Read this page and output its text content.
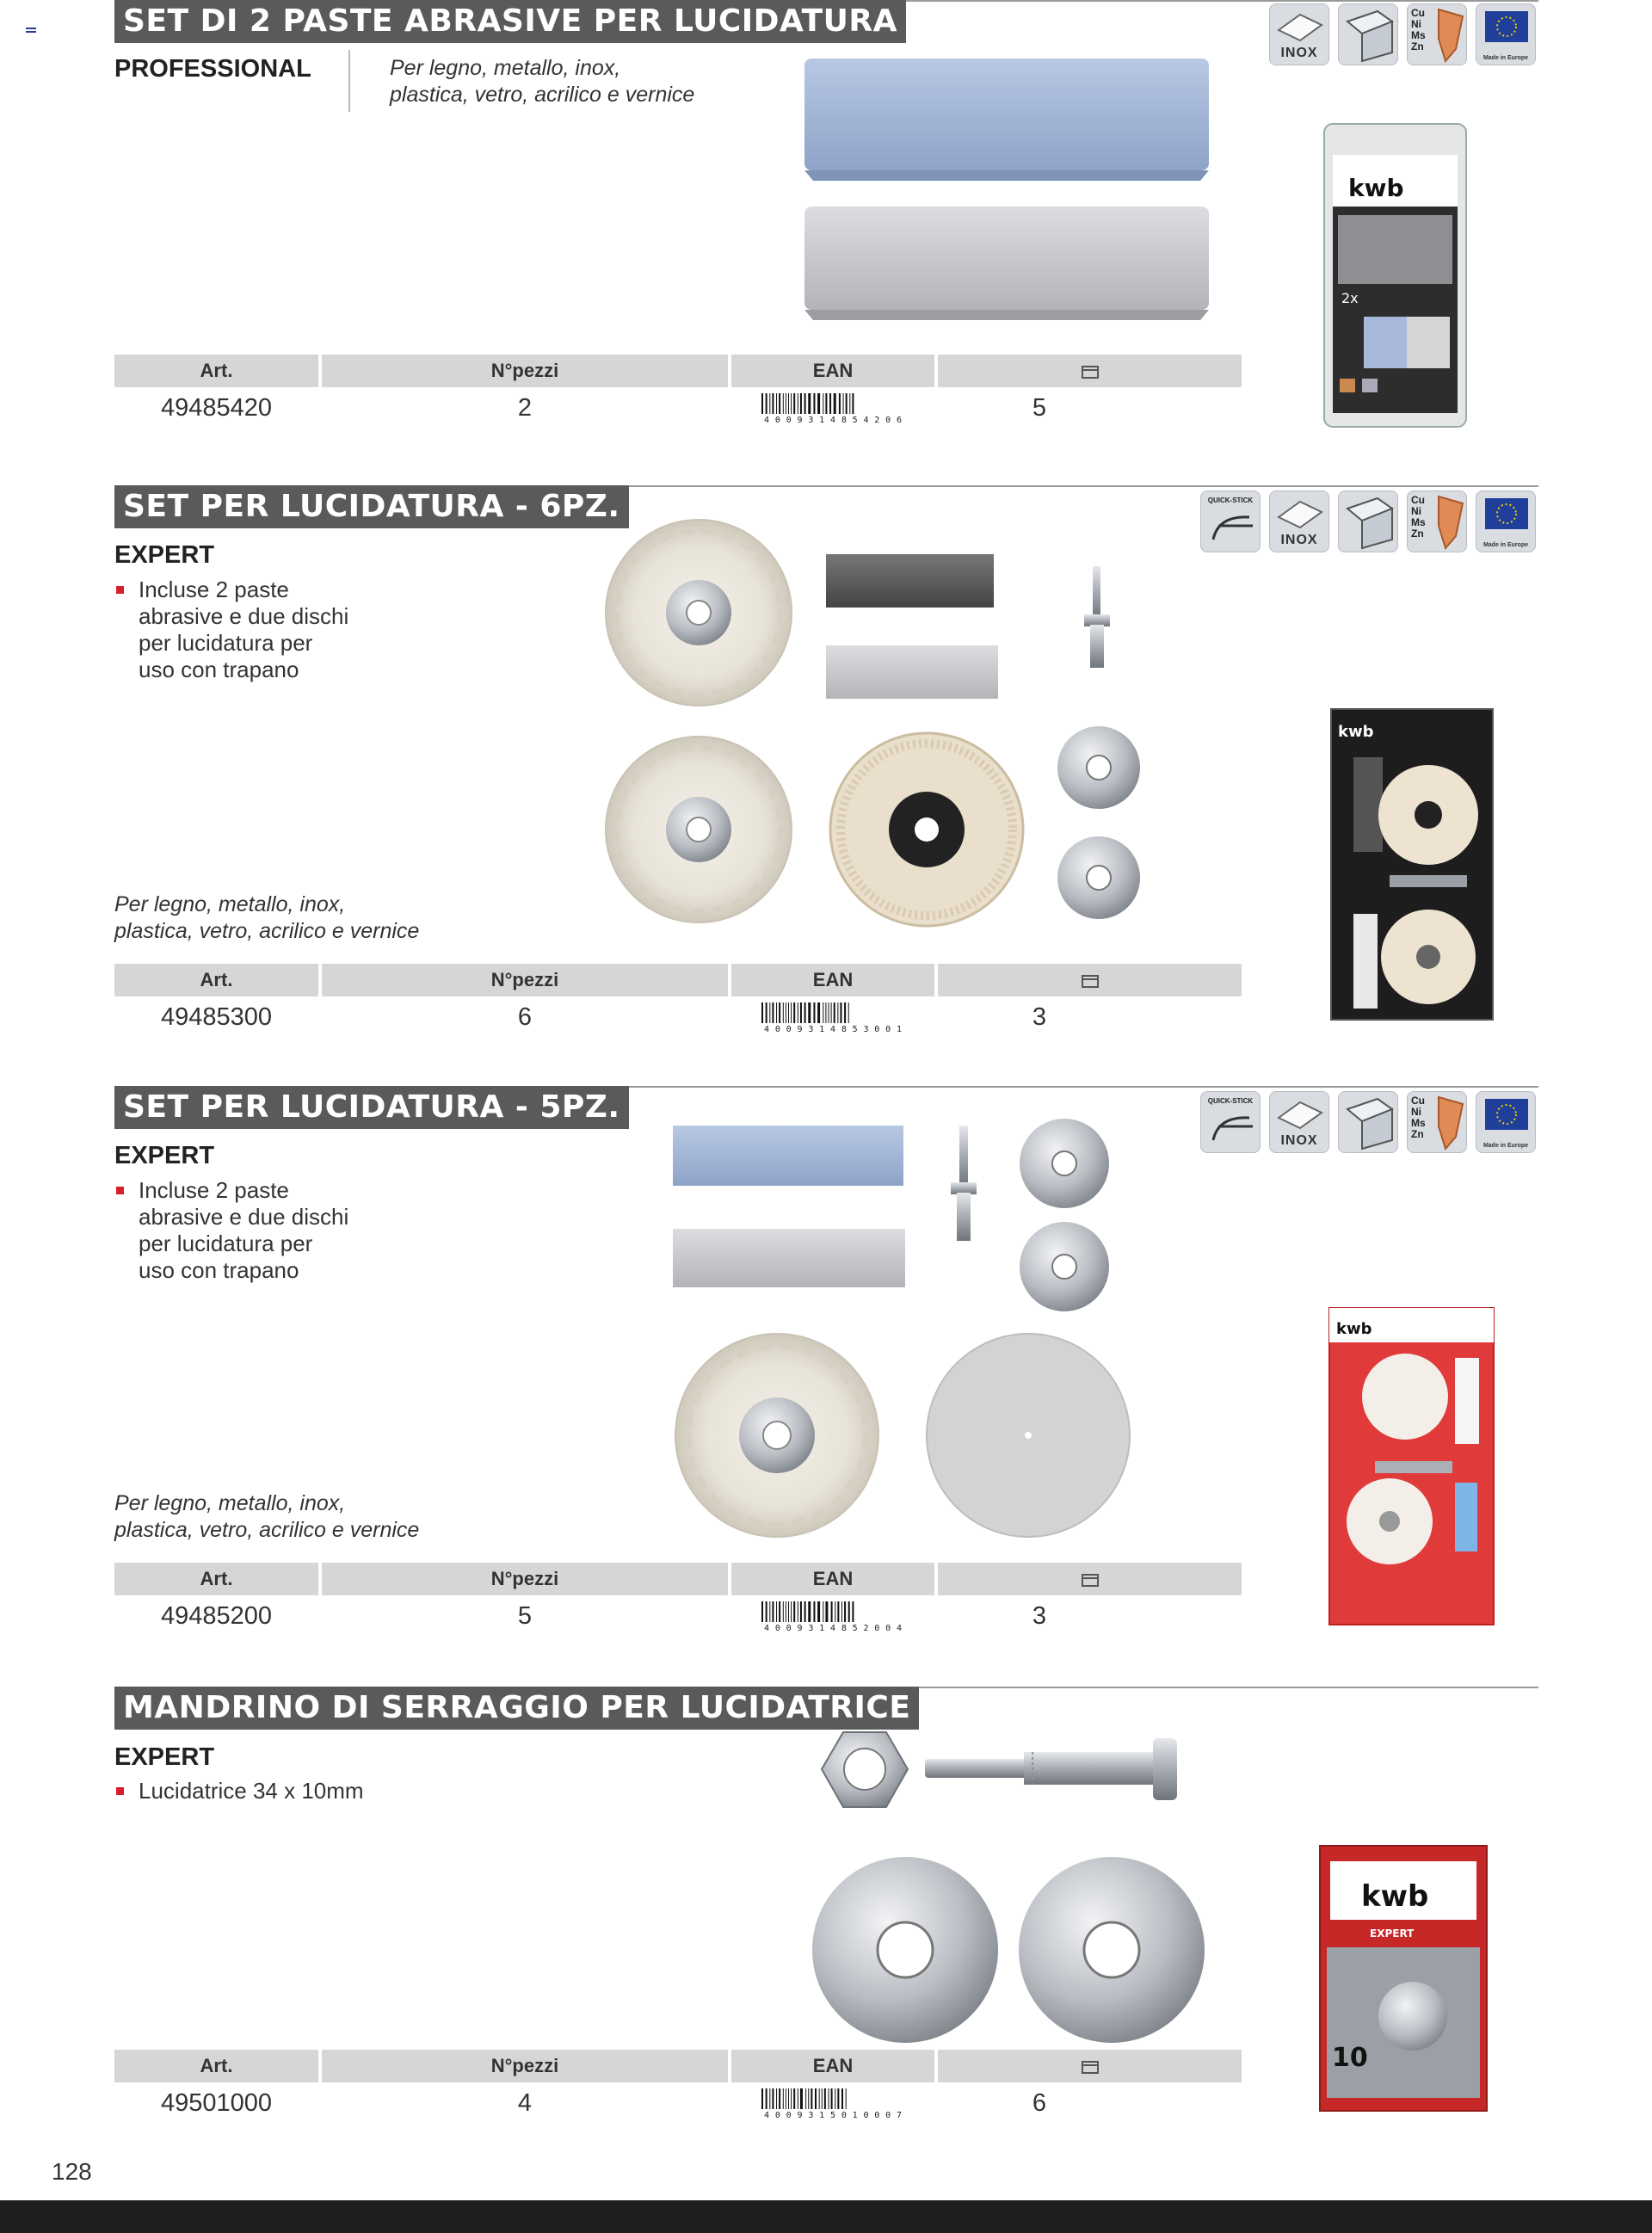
SET DI 2 PASTE ABRASIVE PER LUCIDATURA
PROFESSIONAL	Per legno, metallo, inox,
plastica, vetro, acrilico e vernice
INOX
Cu
Ni
Ms
Zn
Made in Europe
kwb
2x
Art.	N°pezzi	EAN
49485420	2	4009314854206	5
SET PER LUCIDATURA - 6PZ.
EXPERT
Incluse 2 paste
abrasive e due dischi
per lucidatura per
uso con trapano
Per legno, metallo, inox,
plastica, vetro, acrilico e vernice
QUICK-STICK
INOX
Cu
Ni
Ms
Zn
Made in Europe
kwb
Art.	N°pezzi	EAN
49485300	6	4009314853001	3
SET PER LUCIDATURA - 5PZ.
EXPERT
Incluse 2 paste
abrasive e due dischi
per lucidatura per
uso con trapano
Per legno, metallo, inox,
plastica, vetro, acrilico e vernice
QUICK-STICK
INOX
Cu
Ni
Ms
Zn
Made in Europe
kwb
Art.	N°pezzi	EAN
49485200	5	4009314852004	3
MANDRINO DI SERRAGGIO PER LUCIDATRICE
EXPERT
Lucidatrice 34 x 10mm
kwb
EXPERT
10
Art.	N°pezzi	EAN
49501000	4	4009315010007	6
128
